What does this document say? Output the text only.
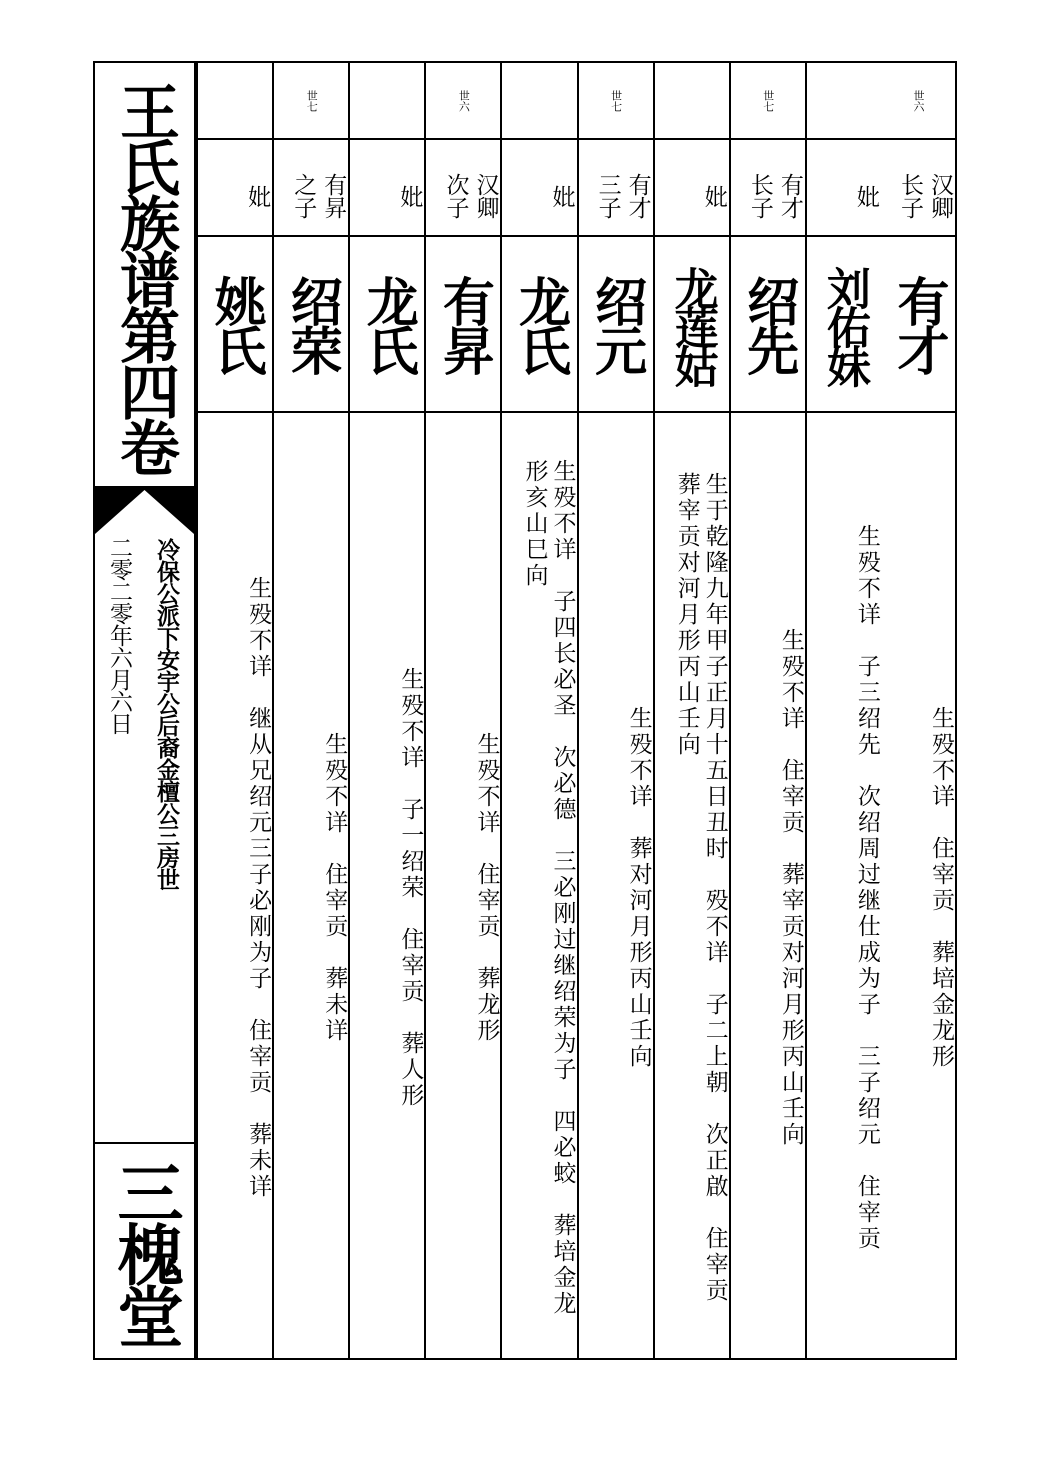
王氏族谱第四卷
冷保公派下安宇公后裔金檀公三房世
二零二零年六月六日
三槐堂
世六
汉卿
长子
有才
生殁不详　住宰贡　葬培金龙形
妣
刘佑妹
生殁不详　子三绍先　次绍周过继仕成为子　三子绍元　住宰贡
世七
有才
长子
绍先
生殁不详　住宰贡　葬宰贡对河月形丙山壬向
妣
龙莲姑
生于乾隆九年甲子正月十五日丑时　殁不详　子二上朝　次正啟　住宰贡
葬宰贡对河月形丙山壬向
世七
有才
三子
绍元
生殁不详　葬对河月形丙山壬向
妣
龙氏
生殁不详　子四长必圣　次必德　三必刚过继绍荣为子　四必蛟　葬培金龙
形亥山巳向
世六
汉卿
次子
有昇
生殁不详　住宰贡　葬龙形
妣
龙氏
生殁不详　子一绍荣　住宰贡　葬人形
世七
有昇
之子
绍荣
生殁不详　住宰贡　葬未详
妣
姚氏
生殁不详　继从兄绍元三子必刚为子　住宰贡　葬未详
